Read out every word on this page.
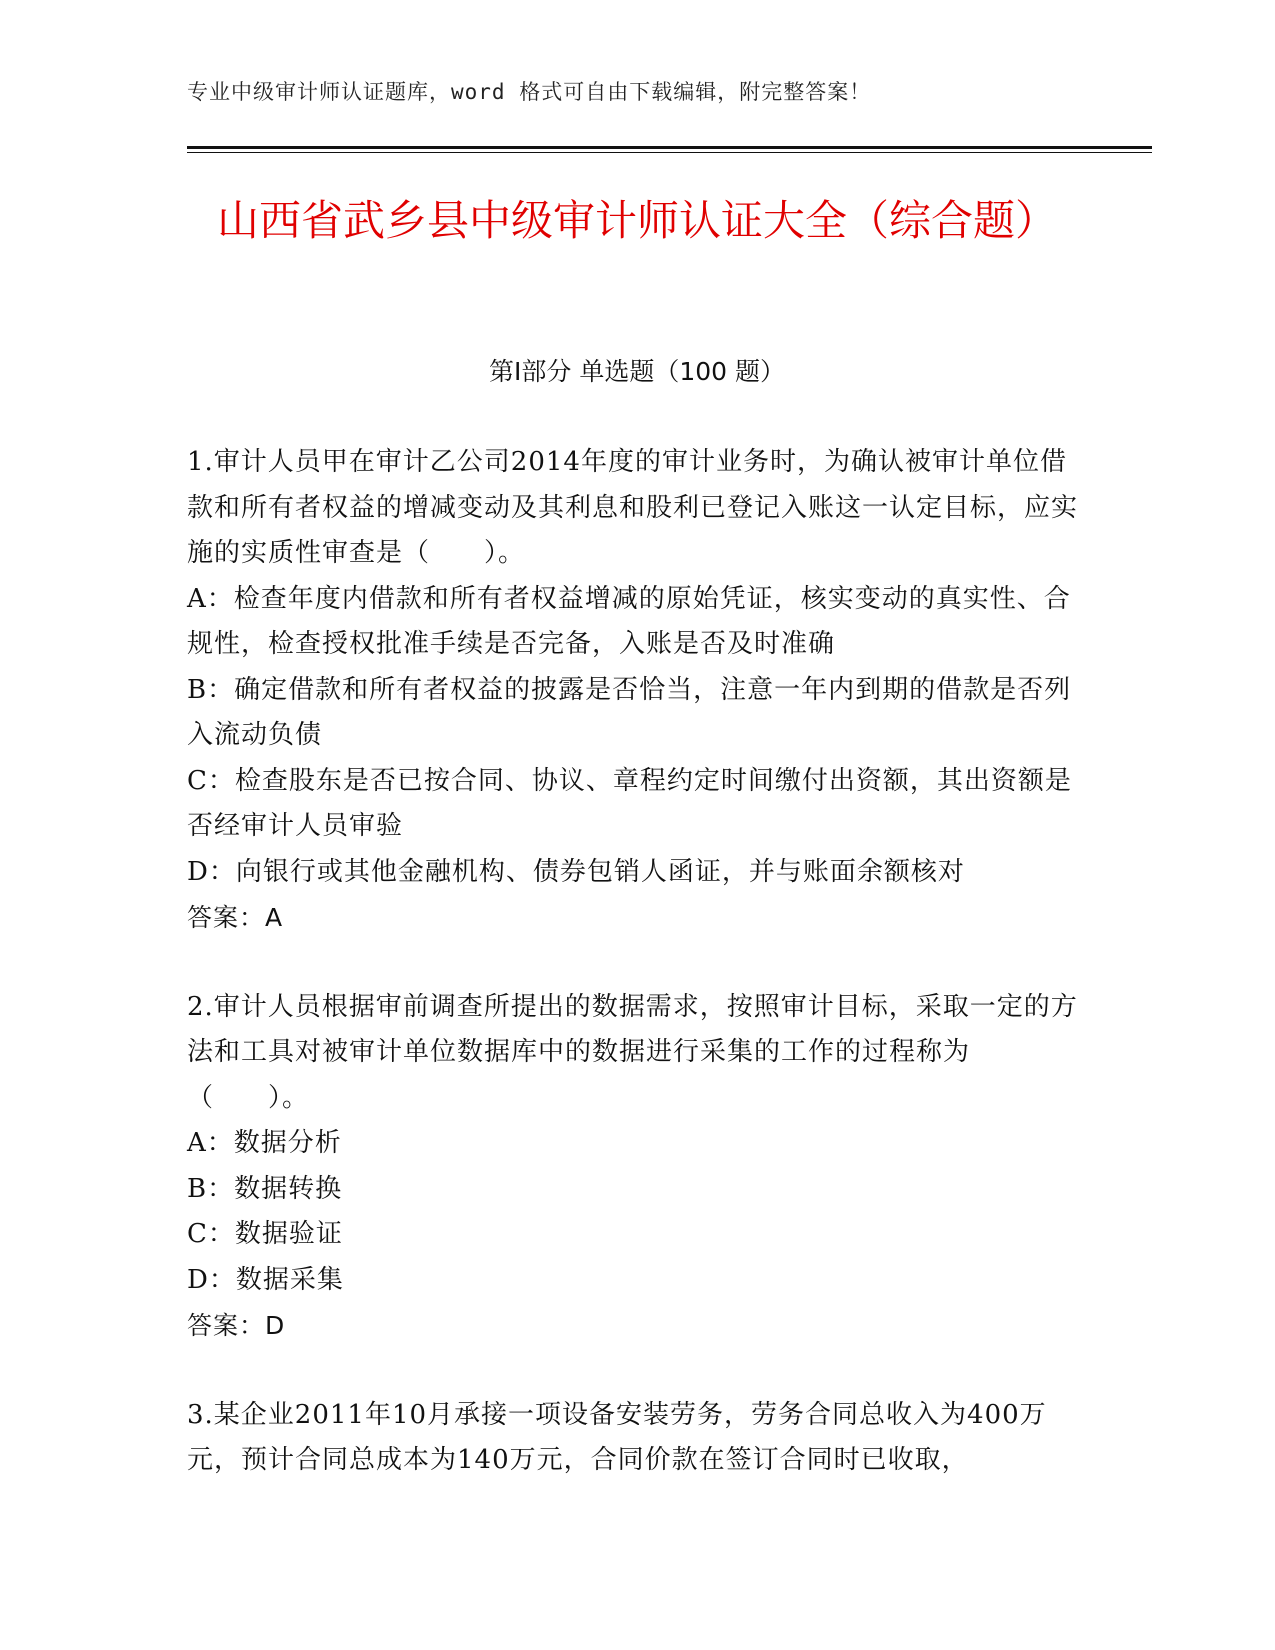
专业中级审计师认证题库，word 格式可自由下载编辑，附完整答案！
山西省武乡县中级审计师认证大全（综合题）
第Ⅰ部分 单选题（100 题）

1.审计人员甲在审计乙公司2014年度的审计业务时，为确认被审计单位借款和所有者权益的增减变动及其利息和股利已登记入账这一认定目标，应实施的实质性审查是（　　）。

A：检查年度内借款和所有者权益增减的原始凭证，核实变动的真实性、合规性，检查授权批准手续是否完备，入账是否及时准确

B：确定借款和所有者权益的披露是否恰当，注意一年内到期的借款是否列入流动负债

C：检查股东是否已按合同、协议、章程约定时间缴付出资额，其出资额是否经审计人员审验

D：向银行或其他金融机构、债券包销人函证，并与账面余额核对

答案：A

2.审计人员根据审前调查所提出的数据需求，按照审计目标，采取一定的方法和工具对被审计单位数据库中的数据进行采集的工作的过程称为（　　）。

A：数据分析

B：数据转换

C：数据验证

D：数据采集

答案：D

3.某企业2011年10月承接一项设备安装劳务，劳务合同总收入为400万元，预计合同总成本为140万元，合同价款在签订合同时已收取，
